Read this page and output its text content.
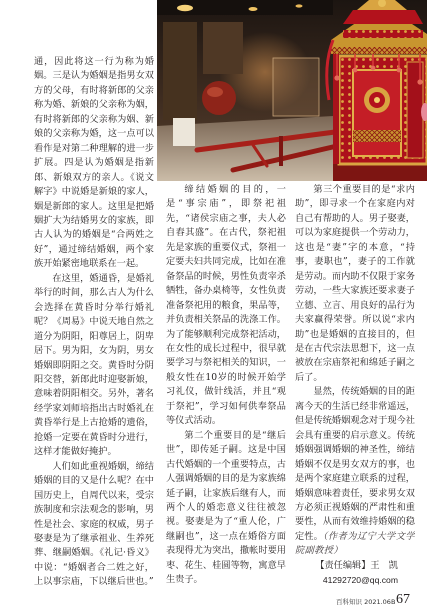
通，因此将这一行为称为婚姻。三是认为婚姻是指男女双方的父母，有时将新郎的父亲称为婚、新娘的父亲称为姻，有时将新郎的父亲称为姻、新娘的父亲称为婚，这一点可以看作是对第二种理解的进一步扩展。四是认为婚姻是指新郎、新娘双方的亲人。《说文解字》中说婚是新娘的家人，姻是新郎的家人。这里是把婚姻扩大为结婚男女的家族，即古人认为的婚姻是“合两姓之好”，通过缔结婚姻，两个家族开始紧密地联系在一起。

在这里，婚通昏，是婚礼举行的时间，那么古人为什么会选择在黄昏时分举行婚礼呢？《周易》中说天地自然之道分为阴阳，阳尊居上，阴卑居下。男为阳，女为阴，男女婚姻即阴阳之交。黄昏时分阴阳交替，新郎此时迎娶新娘，意味着阴阳相交。另外，著名经学家刘师培指出古时婚礼在黄昏举行是上古抢婚的遗俗，抢婚一定要在黄昏时分进行，这样才能做好掩护。

人们如此重视婚姻，缔结婚姻的目的又是什么呢？在中国历史上，自周代以来，受宗族制度和宗法观念的影响，男性是社会、家庭的权威，男子娶妻是为了继承祖业、生养死葬、继嗣婚姻。《礼记·昏义》中说：“婚姻者合二姓之好，上以事宗庙，下以继后世也。”

缔结婚姻的目的，一是“事宗庙”，即祭祀祖先，“诸侯宗庙之事，夫人必自舂其盛”。在古代，祭祀祖先是家族的重要仪式，祭祖一定要夫妇共同完成，比如在准备祭品的时候，男性负责宰杀牺牲，备办桌椅等，女性负责准备祭祀用的粮食，果品等，并负责相关祭品的洗涤工作。为了能够顺利完成祭祀活动，在女性的成长过程中，很早就要学习与祭祀相关的知识，一般女性在10岁的时候开始学习礼仪，做针线活，并且“观于祭祀”，学习如何供奉祭品等仪式活动。

第二个重要目的是“继后世”，即传延子嗣。这是中国古代婚姻的一个重要特点，古人强调婚姻的目的是为家族绵延子嗣，让家族后继有人，而两个人的婚恋意义往往被忽视。娶妻是为了“重人伦，广继嗣也”，这一点在婚俗方面表现得尤为突出，撒帐时要用枣、花生、桂圆等物，寓意早生贵子。

第三个重要目的是“求内助”，即寻求一个在家庭内对自己有帮助的人。男子娶妻，可以为家庭提供一个劳动力，这也是“妻”字的本意，“持事，妻职也”，妻子的工作就是劳动。而内助不仅限于家务劳动，一些大家族还要求妻子立德、立言、用良好的品行为夫家赢得荣誉。所以说“求内助”也是婚姻的直接目的，但是在古代宗法思想下，这一点被放在宗庙祭祀和绵延子嗣之后了。

显然，传统婚姻的目的距离今天的生活已经非常遥远，但是传统婚姻观念对于现今社会具有重要的启示意义。传统婚姻强调婚姻的神圣性，缔结婚姻不仅是男女双方的事，也是两个家庭建立联系的过程，婚姻意味着责任，要求男女双方必须正视婚姻的严肃性和重要性，从而有效维持婚姻的稳定性。（作者为辽宁大学文学院副教授）

【责任编辑】王　凯
41292720@qq.com
百科知识 2021.06B 67
